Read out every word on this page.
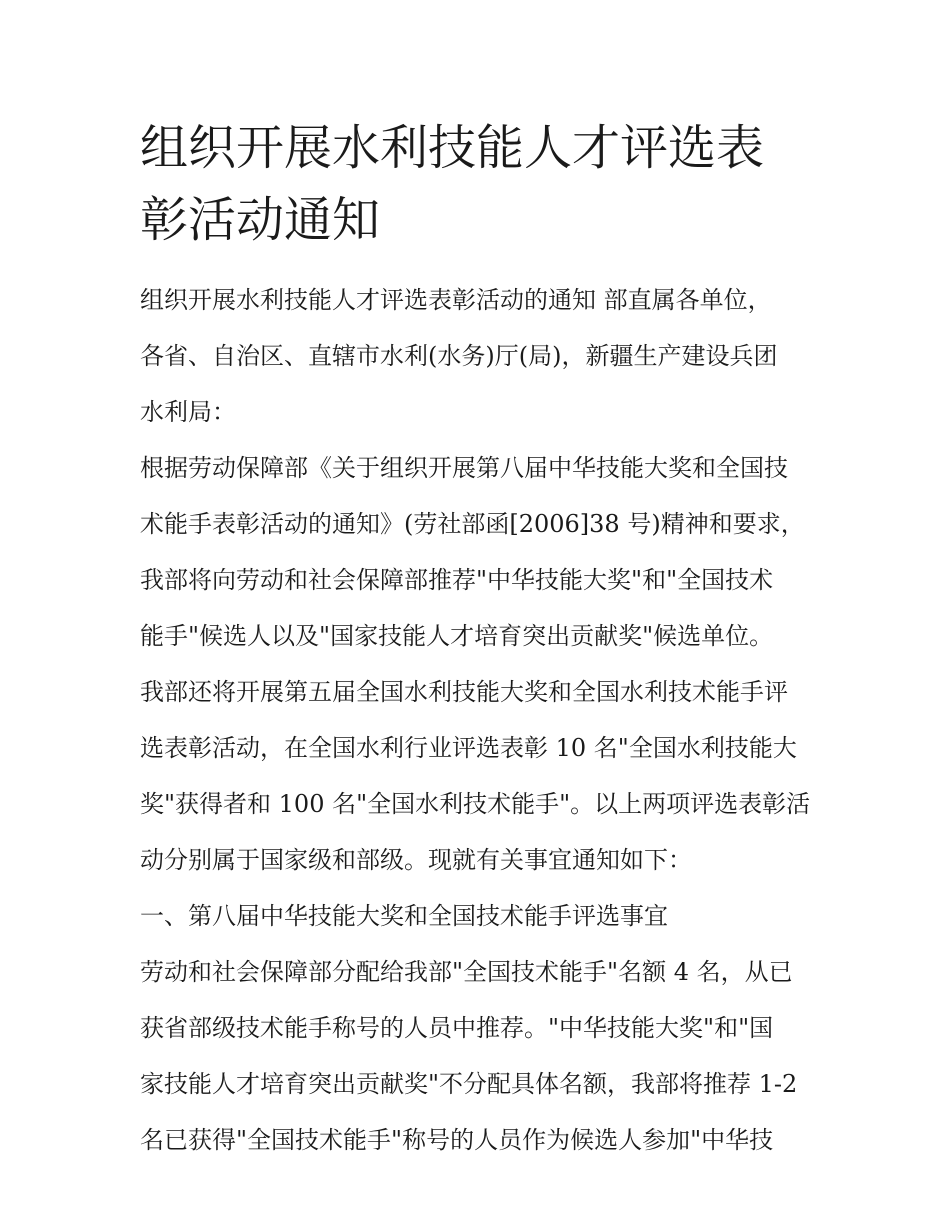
组织开展水利技能人才评选表
彰活动通知
组织开展水利技能人才评选表彰活动的通知 部直属各单位，
各省、自治区、直辖市水利(水务)厅(局)，新疆生产建设兵团
水利局：
根据劳动保障部《关于组织开展第八届中华技能大奖和全国技
术能手表彰活动的通知》(劳社部函[2006]38 号)精神和要求，
我部将向劳动和社会保障部推荐"中华技能大奖"和"全国技术
能手"候选人以及"国家技能人才培育突出贡献奖"候选单位。
我部还将开展第五届全国水利技能大奖和全国水利技术能手评
选表彰活动，在全国水利行业评选表彰 10 名"全国水利技能大
奖"获得者和 100 名"全国水利技术能手"。以上两项评选表彰活
动分别属于国家级和部级。现就有关事宜通知如下：
一、第八届中华技能大奖和全国技术能手评选事宜
劳动和社会保障部分配给我部"全国技术能手"名额 4 名，从已
获省部级技术能手称号的人员中推荐。"中华技能大奖"和"国
家技能人才培育突出贡献奖"不分配具体名额，我部将推荐 1-2
名已获得"全国技术能手"称号的人员作为候选人参加"中华技
